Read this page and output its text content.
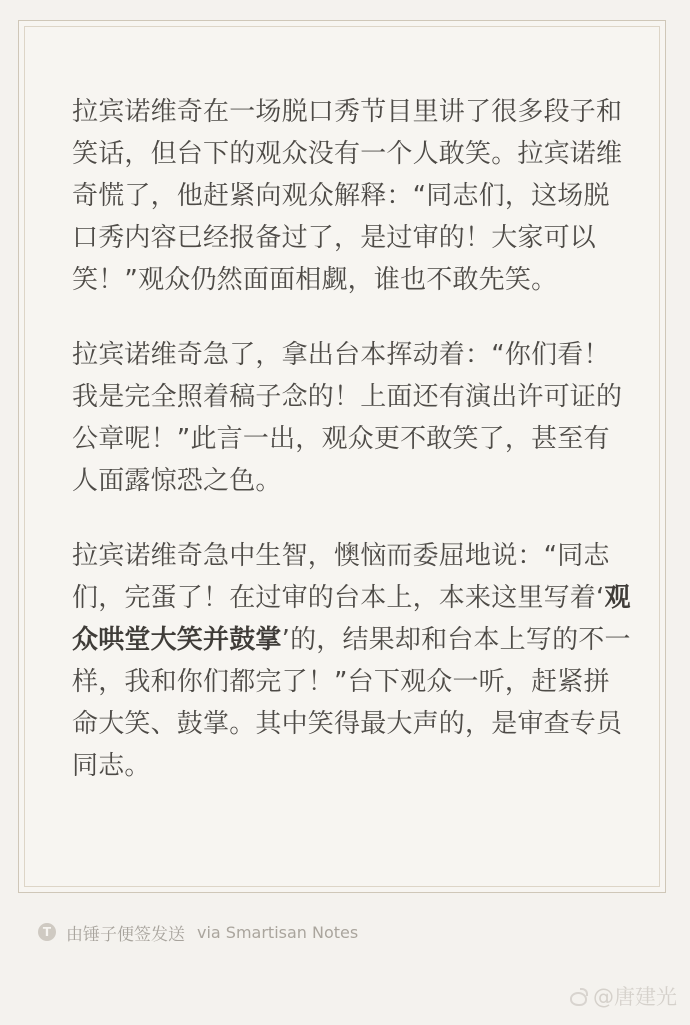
拉宾诺维奇在一场脱口秀节目里讲了很多段子和笑话，但台下的观众没有一个人敢笑。拉宾诺维奇慌了，他赶紧向观众解释：“同志们，这场脱口秀内容已经报备过了，是过审的！大家可以笑！”观众仍然面面相觑，谁也不敢先笑。

拉宾诺维奇急了，拿出台本挥动着：“你们看！我是完全照着稿子念的！上面还有演出许可证的公章呢！”此言一出，观众更不敢笑了，甚至有人面露惊恐之色。

拉宾诺维奇急中生智，懊恼而委屈地说：“同志们，完蛋了！在过审的台本上，本来这里写着‘观众哄堂大笑并鼓掌’的，结果却和台本上写的不一样，我和你们都完了！”台下观众一听，赶紧拼命大笑、鼓掌。其中笑得最大声的，是审查专员同志。

T 由锤子便签发送 via Smartisan Notes
@唐建光
